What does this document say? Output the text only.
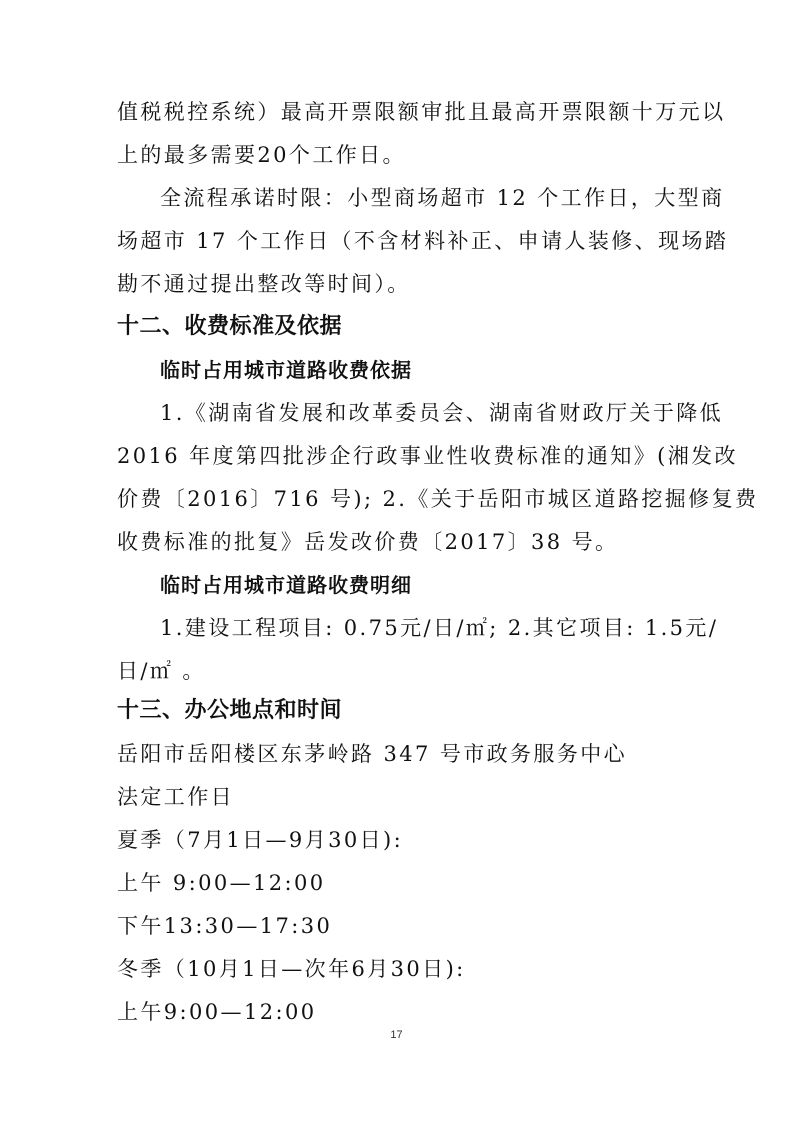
值税税控系统）最高开票限额审批且最高开票限额十万元以
上的最多需要20个工作日。
全流程承诺时限：小型商场超市 12 个工作日，大型商
场超市 17 个工作日（不含材料补正、申请人装修、现场踏
勘不通过提出整改等时间）。
十二、收费标准及依据
临时占用城市道路收费依据
1.《湖南省发展和改革委员会、湖南省财政厅关于降低
2016 年度第四批涉企行政事业性收费标准的通知》(湘发改
价费〔2016〕716 号); 2.《关于岳阳市城区道路挖掘修复费
收费标准的批复》岳发改价费〔2017〕38 号。
临时占用城市道路收费明细
1.建设工程项目: 0.75元/日/㎡; 2.其它项目: 1.5元/
日/㎡ 。
十三、办公地点和时间
岳阳市岳阳楼区东茅岭路 347 号市政务服务中心
法定工作日
夏季（7月1日—9月30日):
上午 9:00—12:00
下午13:30—17:30
冬季（10月1日—次年6月30日):
上午9:00—12:00
17
